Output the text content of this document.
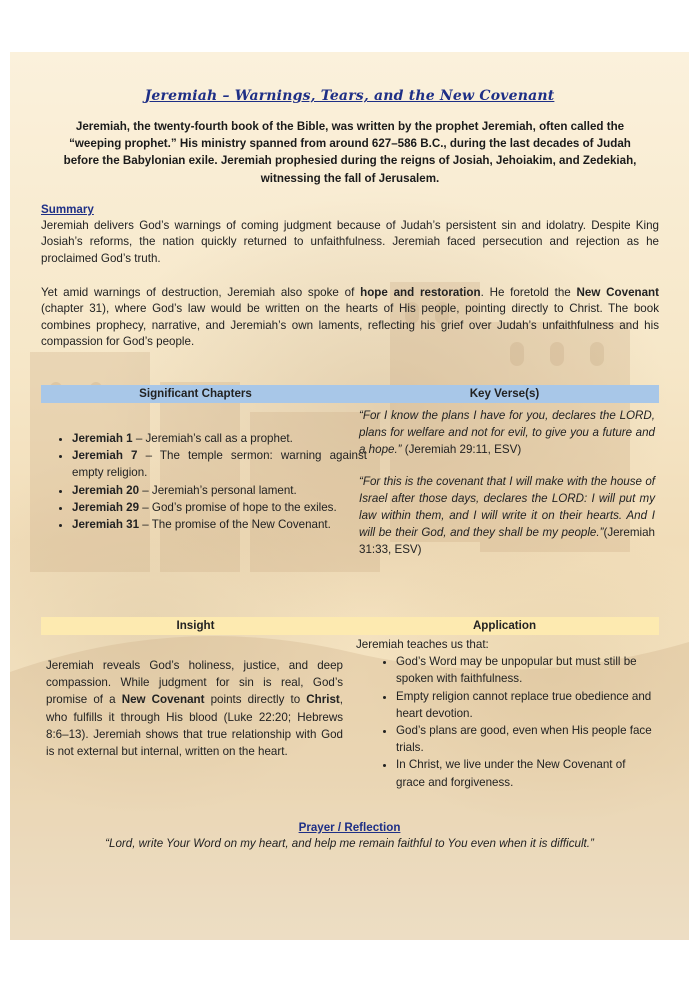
Jeremiah – Warnings, Tears, and the New Covenant
Jeremiah, the twenty-fourth book of the Bible, was written by the prophet Jeremiah, often called the “weeping prophet.” His ministry spanned from around 627–586 B.C., during the last decades of Judah before the Babylonian exile. Jeremiah prophesied during the reigns of Josiah, Jehoiakim, and Zedekiah, witnessing the fall of Jerusalem.
Summary
Jeremiah delivers God’s warnings of coming judgment because of Judah’s persistent sin and idolatry. Despite King Josiah’s reforms, the nation quickly returned to unfaithfulness. Jeremiah faced persecution and rejection as he proclaimed God’s truth.
Yet amid warnings of destruction, Jeremiah also spoke of hope and restoration. He foretold the New Covenant (chapter 31), where God’s law would be written on the hearts of His people, pointing directly to Christ. The book combines prophecy, narrative, and Jeremiah’s own laments, reflecting his grief over Judah’s unfaithfulness and his compassion for God’s people.
Significant Chapters	Key Verse(s)
• Jeremiah 1 – Jeremiah’s call as a prophet.
• Jeremiah 7 – The temple sermon: warning against empty religion.
• Jeremiah 20 – Jeremiah’s personal lament.
• Jeremiah 29 – God’s promise of hope to the exiles.
• Jeremiah 31 – The promise of the New Covenant.

“For I know the plans I have for you, declares the LORD, plans for welfare and not for evil, to give you a future and a hope.” (Jeremiah 29:11, ESV)

“For this is the covenant that I will make with the house of Israel after those days, declares the LORD: I will put my law within them, and I will write it on their hearts. And I will be their God, and they shall be my people.”(Jeremiah 31:33, ESV)

Insight	Application
Jeremiah reveals God’s holiness, justice, and deep compassion. While judgment for sin is real, God’s promise of a New Covenant points directly to Christ, who fulfills it through His blood (Luke 22:20; Hebrews 8:6–13). Jeremiah shows that true relationship with God is not external but internal, written on the heart.
Jeremiah teaches us that:
• God’s Word may be unpopular but must still be spoken with faithfulness.
• Empty religion cannot replace true obedience and heart devotion.
• God’s plans are good, even when His people face trials.
• In Christ, we live under the New Covenant of grace and forgiveness.
Prayer / Reflection
“Lord, write Your Word on my heart, and help me remain faithful to You even when it is difficult.”
